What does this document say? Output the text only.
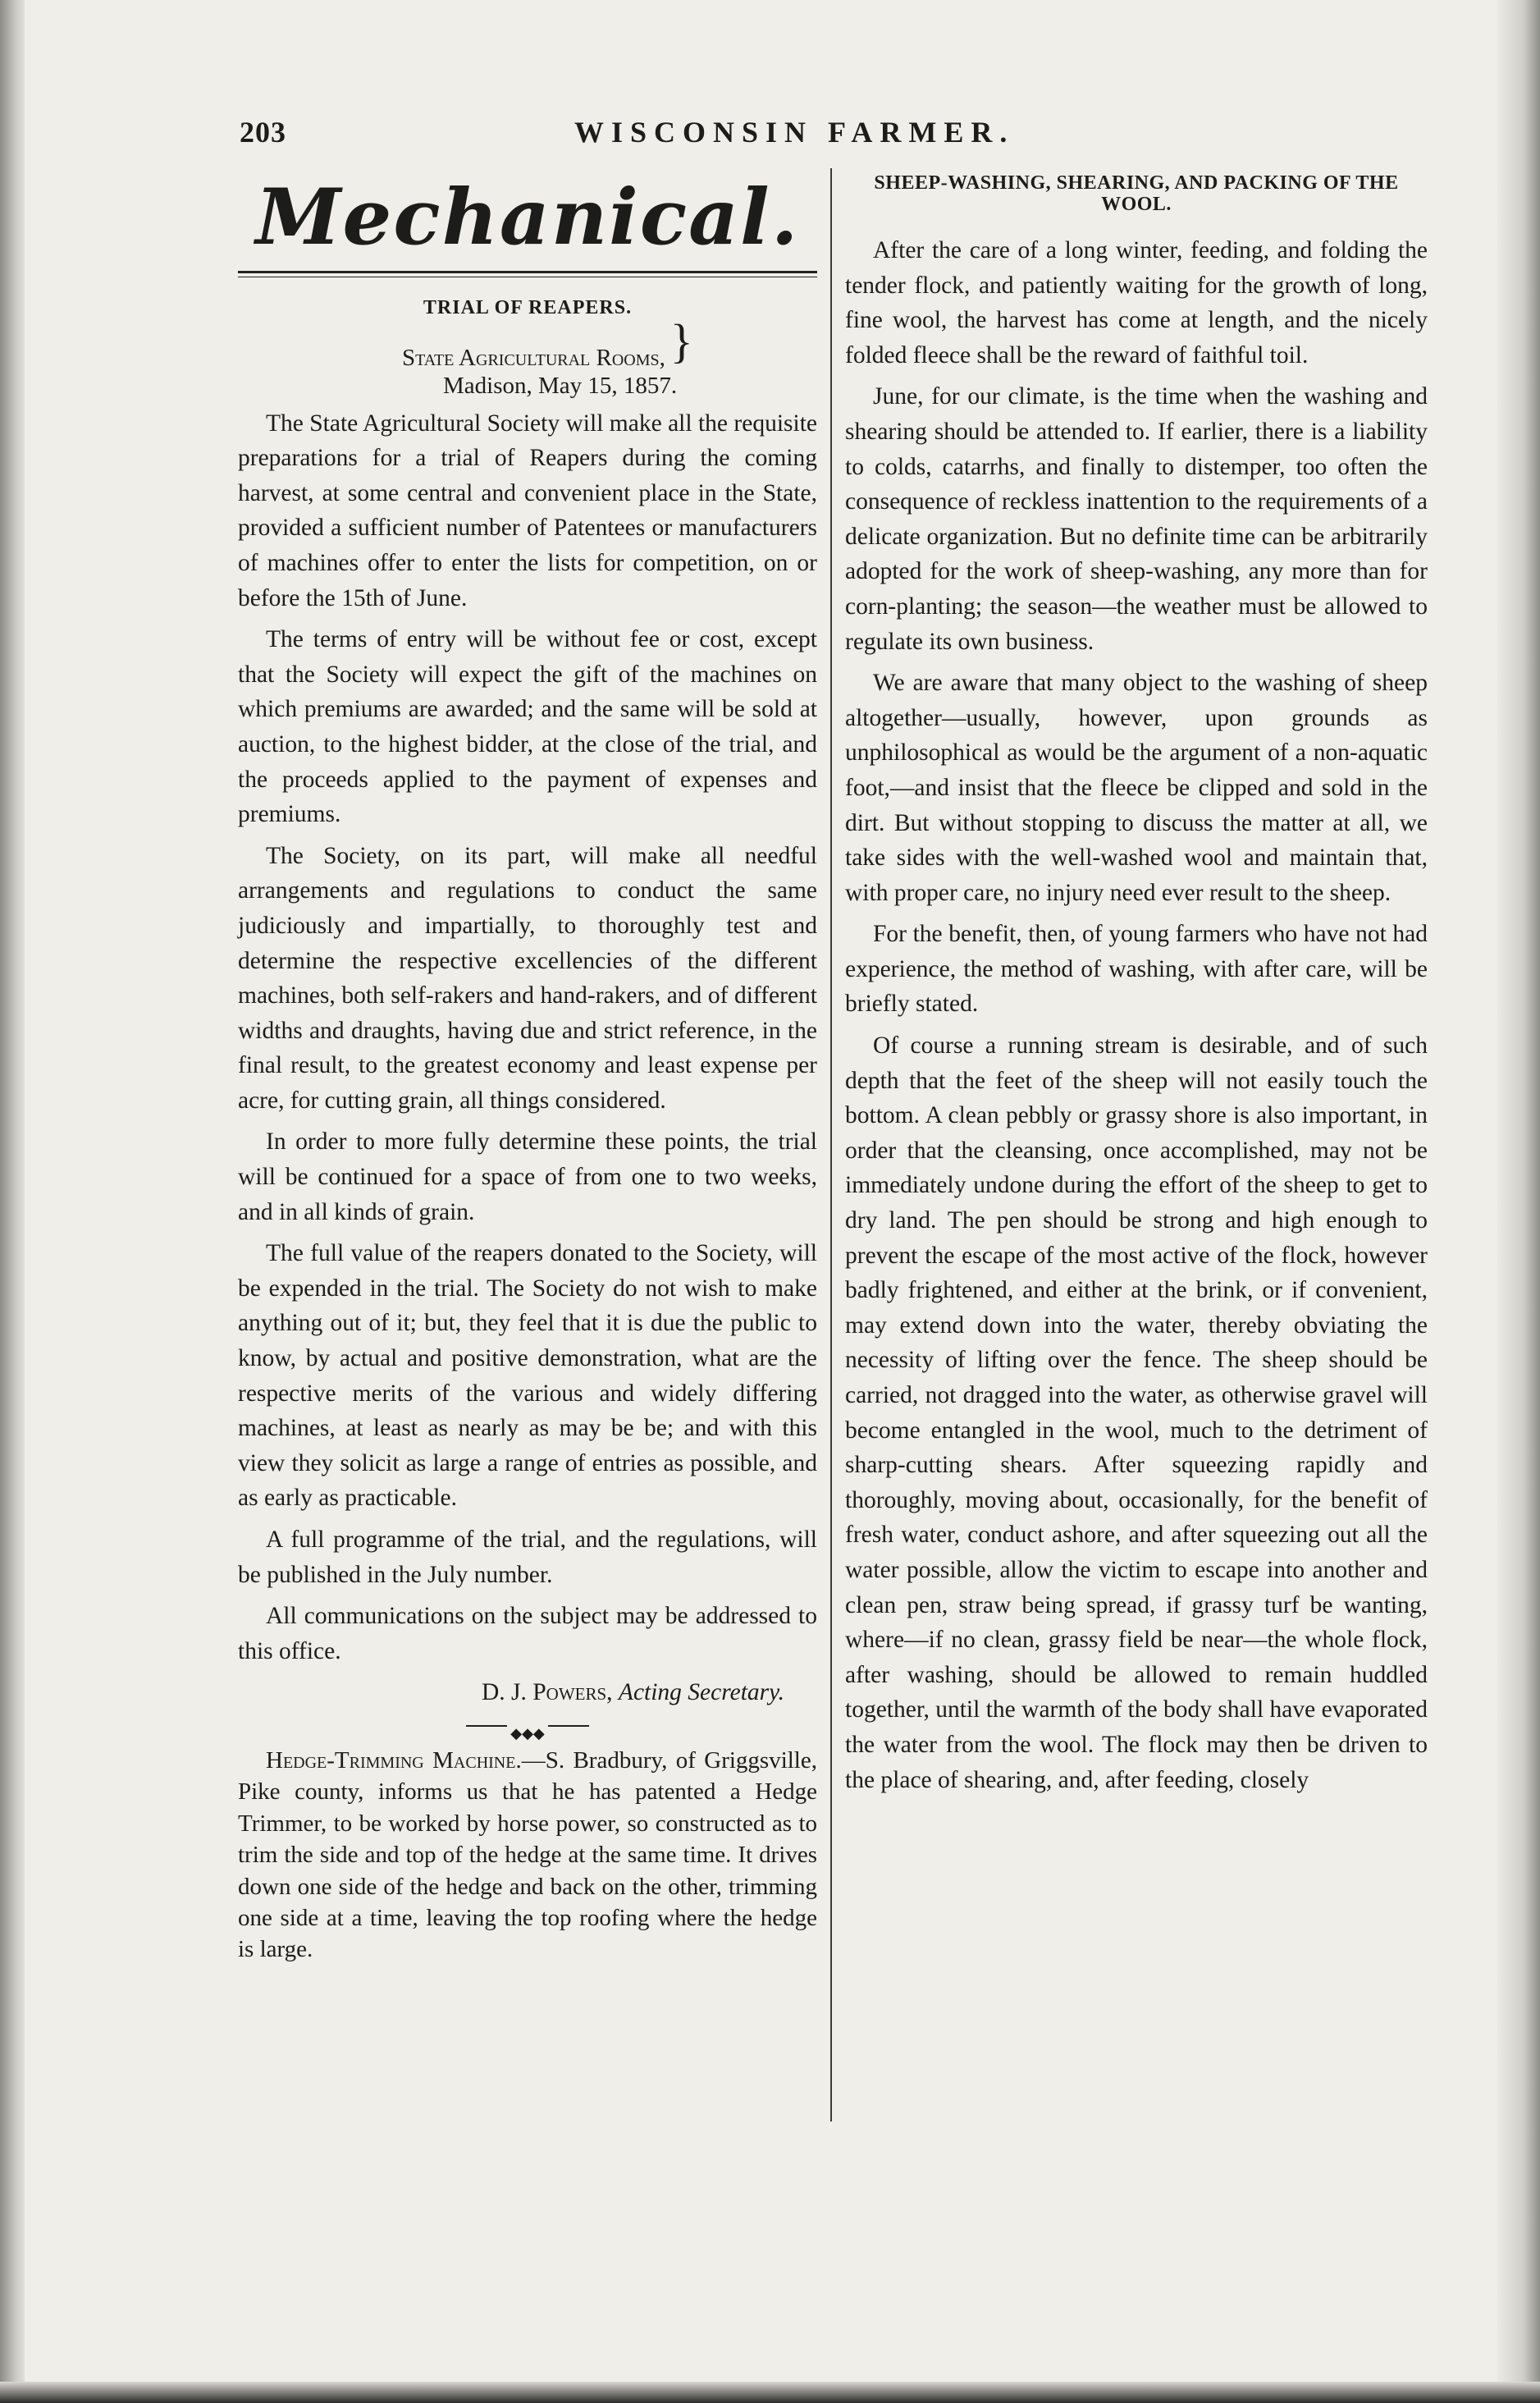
203	WISCONSIN FARMER.
Mechanical.
TRIAL OF REAPERS.
State Agricultural Rooms, }
Madison, May 15, 1857.

The State Agricultural Society will make all the requisite preparations for a trial of Reapers during the coming harvest, at some central and convenient place in the State, provided a sufficient number of Patentees or manufacturers of machines offer to enter the lists for competition, on or before the 15th of June.

The terms of entry will be without fee or cost, except that the Society will expect the gift of the machines on which premiums are awarded; and the same will be sold at auction, to the highest bidder, at the close of the trial, and the proceeds applied to the payment of expenses and premiums.

The Society, on its part, will make all needful arrangements and regulations to conduct the same judiciously and impartially, to thoroughly test and determine the respective excellencies of the different machines, both self-rakers and hand-rakers, and of different widths and draughts, having due and strict reference, in the final result, to the greatest economy and least expense per acre, for cutting grain, all things considered.

In order to more fully determine these points, the trial will be continued for a space of from one to two weeks, and in all kinds of grain.

The full value of the reapers donated to the Society, will be expended in the trial. The Society do not wish to make anything out of it; but, they feel that it is due the public to know, by actual and positive demonstration, what are the respective merits of the various and widely differing machines, at least as nearly as may be be; and with this view they solicit as large a range of entries as possible, and as early as practicable.

A full programme of the trial, and the regulations, will be published in the July number.

All communications on the subject may be addressed to this office.

D. J. Powers, Acting Secretary.

◆◆◆

Hedge-Trimming Machine.—S. Bradbury, of Griggsville, Pike county, informs us that he has patented a Hedge Trimmer, to be worked by horse power, so constructed as to trim the side and top of the hedge at the same time. It drives down one side of the hedge and back on the other, trimming one side at a time, leaving the top roofing where the hedge is large.

SHEEP-WASHING, SHEARING, AND PACKING OF THE WOOL.

After the care of a long winter, feeding, and folding the tender flock, and patiently waiting for the growth of long, fine wool, the harvest has come at length, and the nicely folded fleece shall be the reward of faithful toil.

June, for our climate, is the time when the washing and shearing should be attended to. If earlier, there is a liability to colds, catarrhs, and finally to distemper, too often the consequence of reckless inattention to the requirements of a delicate organization. But no definite time can be arbitrarily adopted for the work of sheep-washing, any more than for corn-planting; the season—the weather must be allowed to regulate its own business.

We are aware that many object to the washing of sheep altogether—usually, however, upon grounds as unphilosophical as would be the argument of a non-aquatic foot,—and insist that the fleece be clipped and sold in the dirt. But without stopping to discuss the matter at all, we take sides with the well-washed wool and maintain that, with proper care, no injury need ever result to the sheep.

For the benefit, then, of young farmers who have not had experience, the method of washing, with after care, will be briefly stated.

Of course a running stream is desirable, and of such depth that the feet of the sheep will not easily touch the bottom. A clean pebbly or grassy shore is also important, in order that the cleansing, once accomplished, may not be immediately undone during the effort of the sheep to get to dry land. The pen should be strong and high enough to prevent the escape of the most active of the flock, however badly frightened, and either at the brink, or if convenient, may extend down into the water, thereby obviating the necessity of lifting over the fence. The sheep should be carried, not dragged into the water, as otherwise gravel will become entangled in the wool, much to the detriment of sharp-cutting shears. After squeezing rapidly and thoroughly, moving about, occasionally, for the benefit of fresh water, conduct ashore, and after squeezing out all the water possible, allow the victim to escape into another and clean pen, straw being spread, if grassy turf be wanting, where—if no clean, grassy field be near—the whole flock, after washing, should be allowed to remain huddled together, until the warmth of the body shall have evaporated the water from the wool. The flock may then be driven to the place of shearing, and, after feeding, closely
